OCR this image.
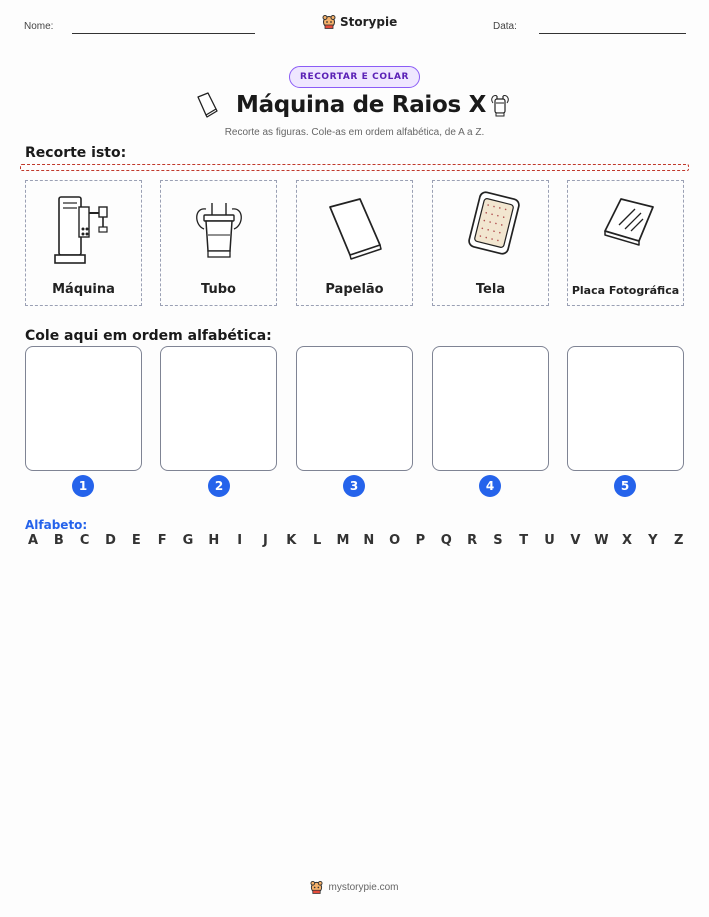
Nome:	Storypie	Data:
RECORTAR E COLAR
Máquina de Raios X
Recorte as figuras. Cole-as em ordem alfabética, de A a Z.
Recorte isto:
Máquina	Tubo	Papelão	Tela	Placa Fotográfica
Cole aqui em ordem alfabética:
1	2	3	4	5
Alfabeto:
A B C D E F G H	I	J	K L M N O P Q R S T U V W X Y Z
mystorypie.com
